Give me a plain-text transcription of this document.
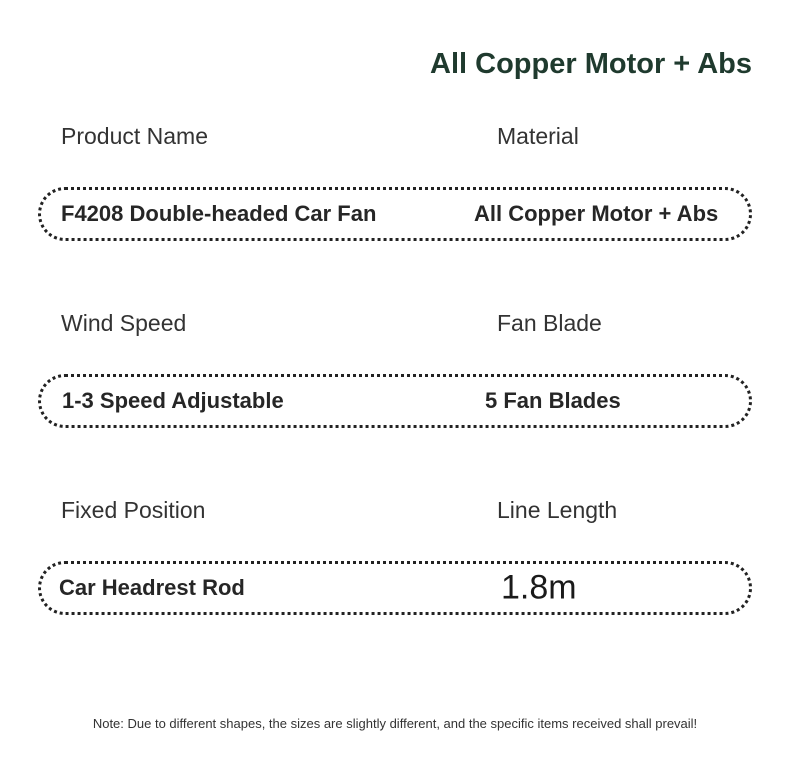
All Copper Motor + Abs
Product Name	Material
F4208 Double-headed Car Fan	All Copper Motor + Abs
Wind Speed	Fan Blade
1-3 Speed Adjustable	5 Fan Blades
Fixed Position	Line Length
Car Headrest Rod	1.8m
Note: Due to different shapes, the sizes are slightly different, and the specific items received shall prevail!
